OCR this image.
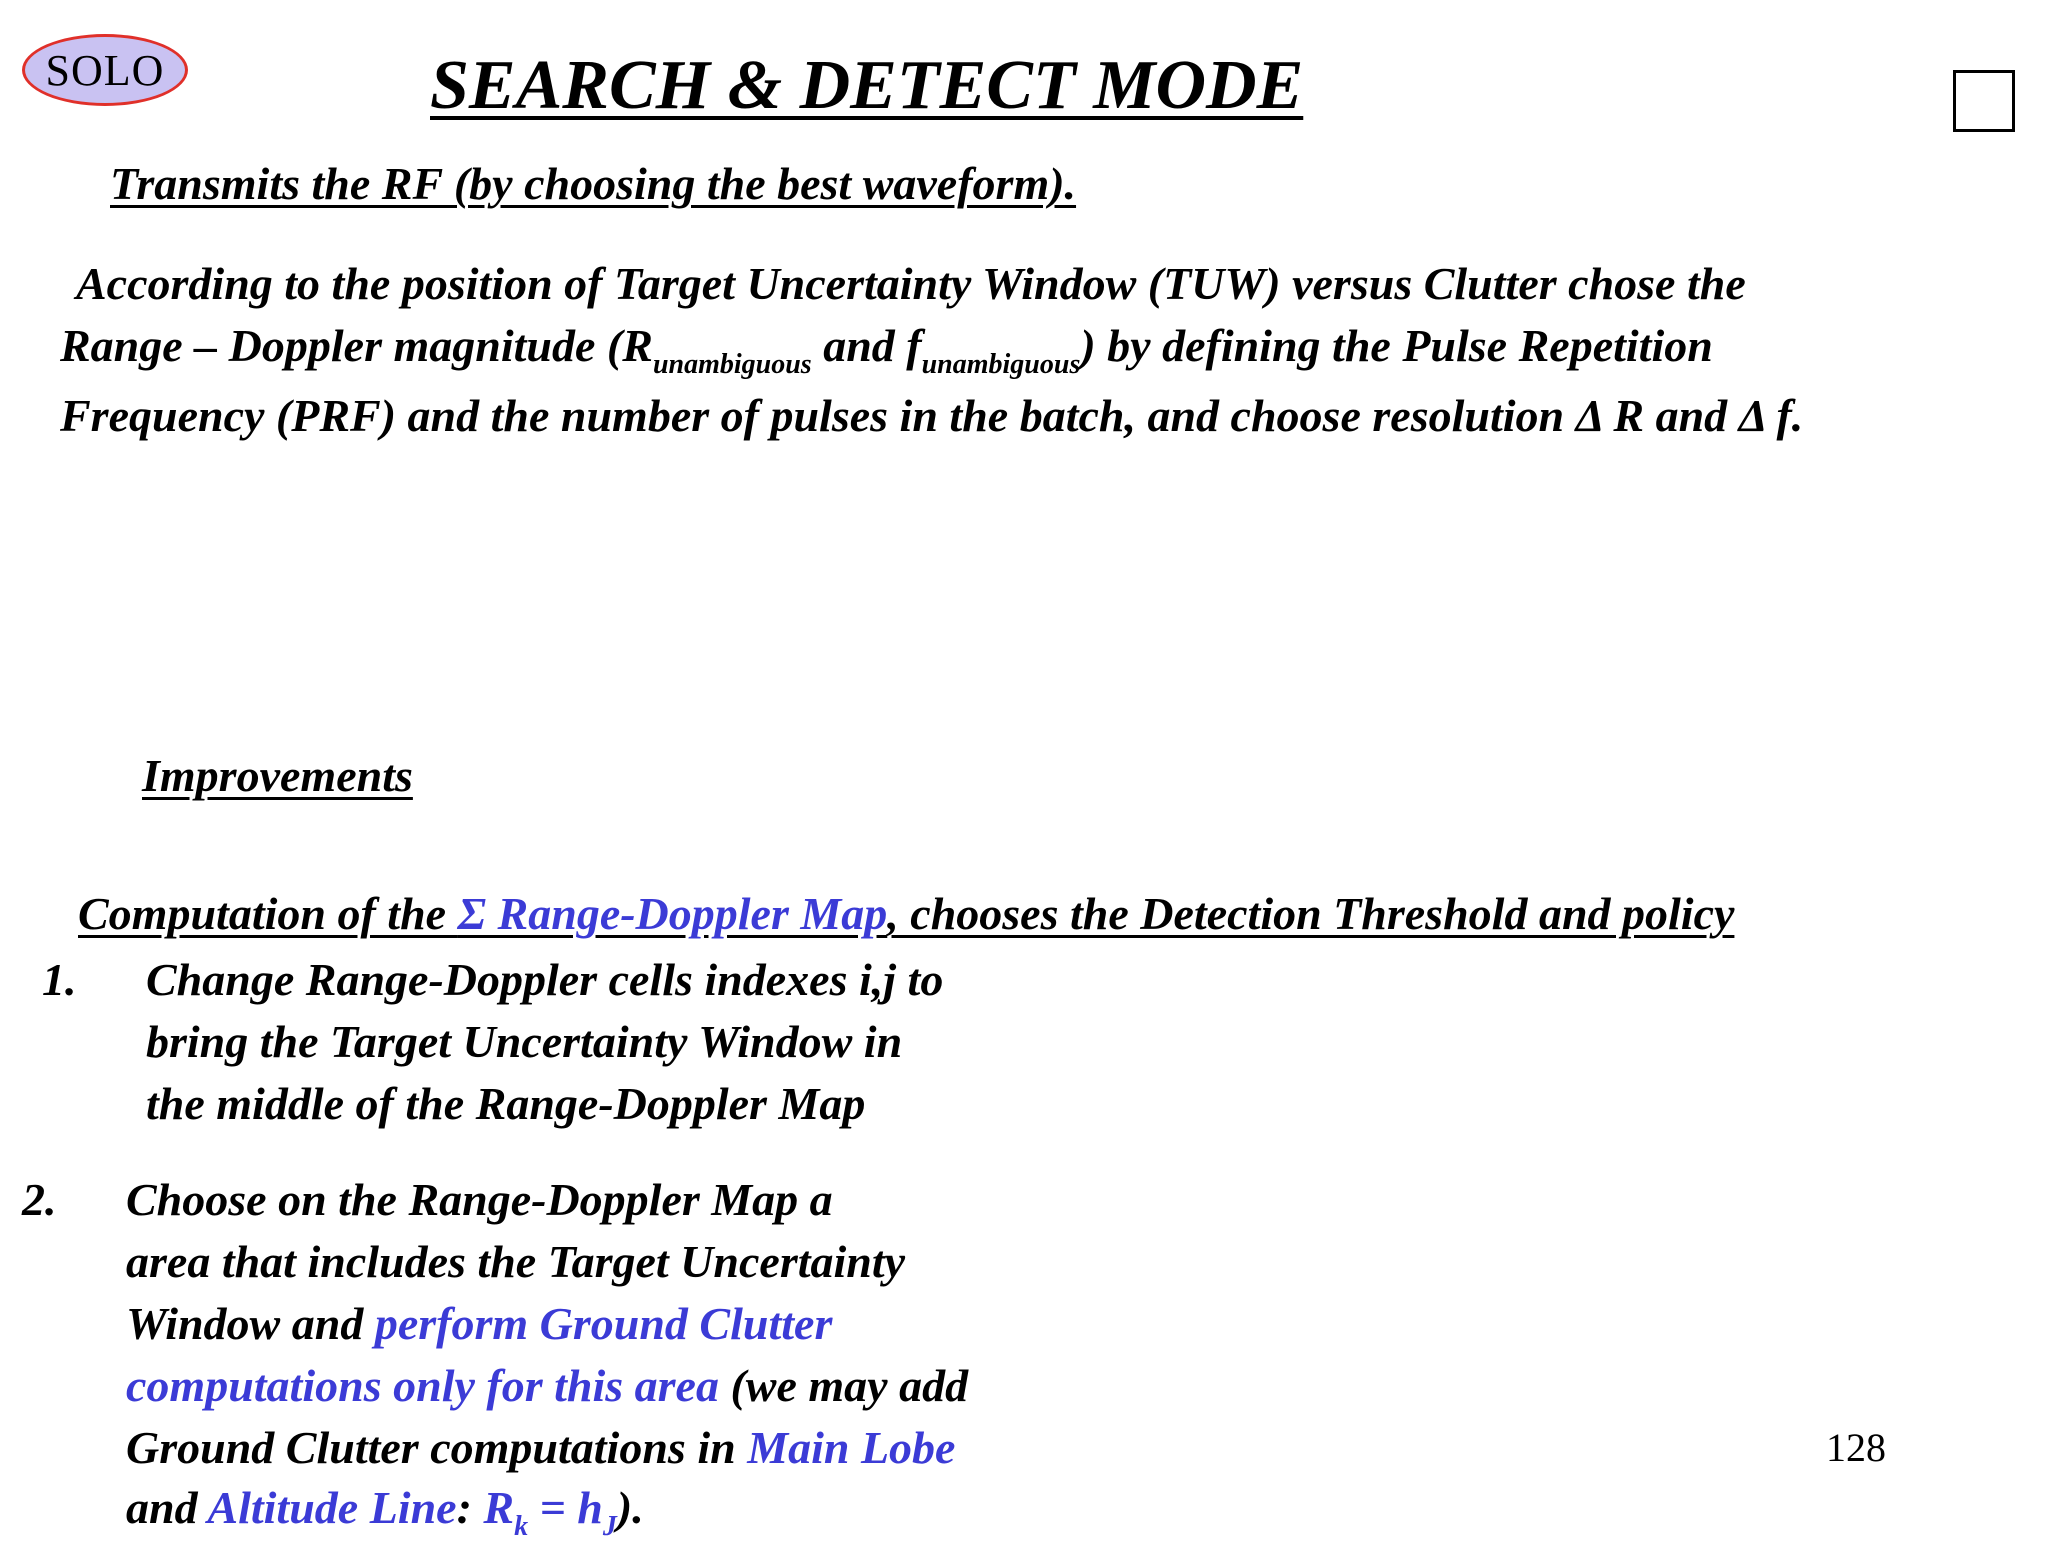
SOLO	SEARCH & DETECT MODE
Transmits the RF (by choosing the best waveform).
According to the position of Target Uncertainty Window (TUW) versus Clutter chose the
Range – Doppler magnitude ($R_{unambiguous}$ and $f_{unambiguous}$) by defining the Pulse Repetition
Frequency (PRF) and the number of pulses in the batch, and choose resolution Δ R and Δ f.
Improvements
Computation of the Σ Range-Doppler Map, chooses the Detection Threshold and policy
1. Change Range-Doppler cells indexes i,j to
bring the Target Uncertainty Window in
the middle of the Range-Doppler Map
2. Choose on the Range-Doppler Map a
area that includes the Target Uncertainty
Window and perform Ground Clutter
computations only for this area (we may add
Ground Clutter computations in Main Lobe
and Altitude Line: $R_k = h_J$).
128
